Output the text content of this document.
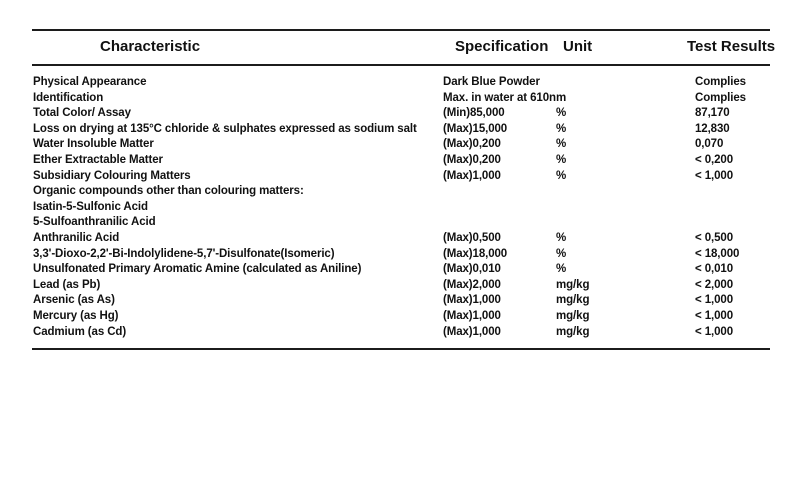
Characteristic	Specification Unit	Test Results
Physical Appearance	Dark Blue Powder	Complies
Identification	Max. in water at 610nm	Complies
Total Color/ Assay	(Min)85,000	%	87,170
Loss on drying at 135°C chloride & sulphates expressed as sodium salt (Max)15,000	%	12,830
Water Insoluble Matter	(Max)0,200	%	0,070
Ether Extractable Matter	(Max)0,200	%	< 0,200
Subsidiary Colouring Matters	(Max)1,000	%	< 1,000
Organic compounds other than colouring matters:
Isatin-5-Sulfonic Acid
5-Sulfoanthranilic Acid
Anthranilic Acid	(Max)0,500	%	< 0,500
3,3'-Dioxo-2,2'-Bi-Indolylidene-5,7'-Disulfonate(Isomeric)	(Max)18,000	%	< 18,000
Unsulfonated Primary Aromatic Amine (calculated as Aniline)	(Max)0,010	%	< 0,010
Lead (as Pb)	(Max)2,000	mg/kg	< 2,000
Arsenic (as As)	(Max)1,000	mg/kg	< 1,000
Mercury (as Hg)	(Max)1,000	mg/kg	< 1,000
Cadmium (as Cd)	(Max)1,000	mg/kg	< 1,000
